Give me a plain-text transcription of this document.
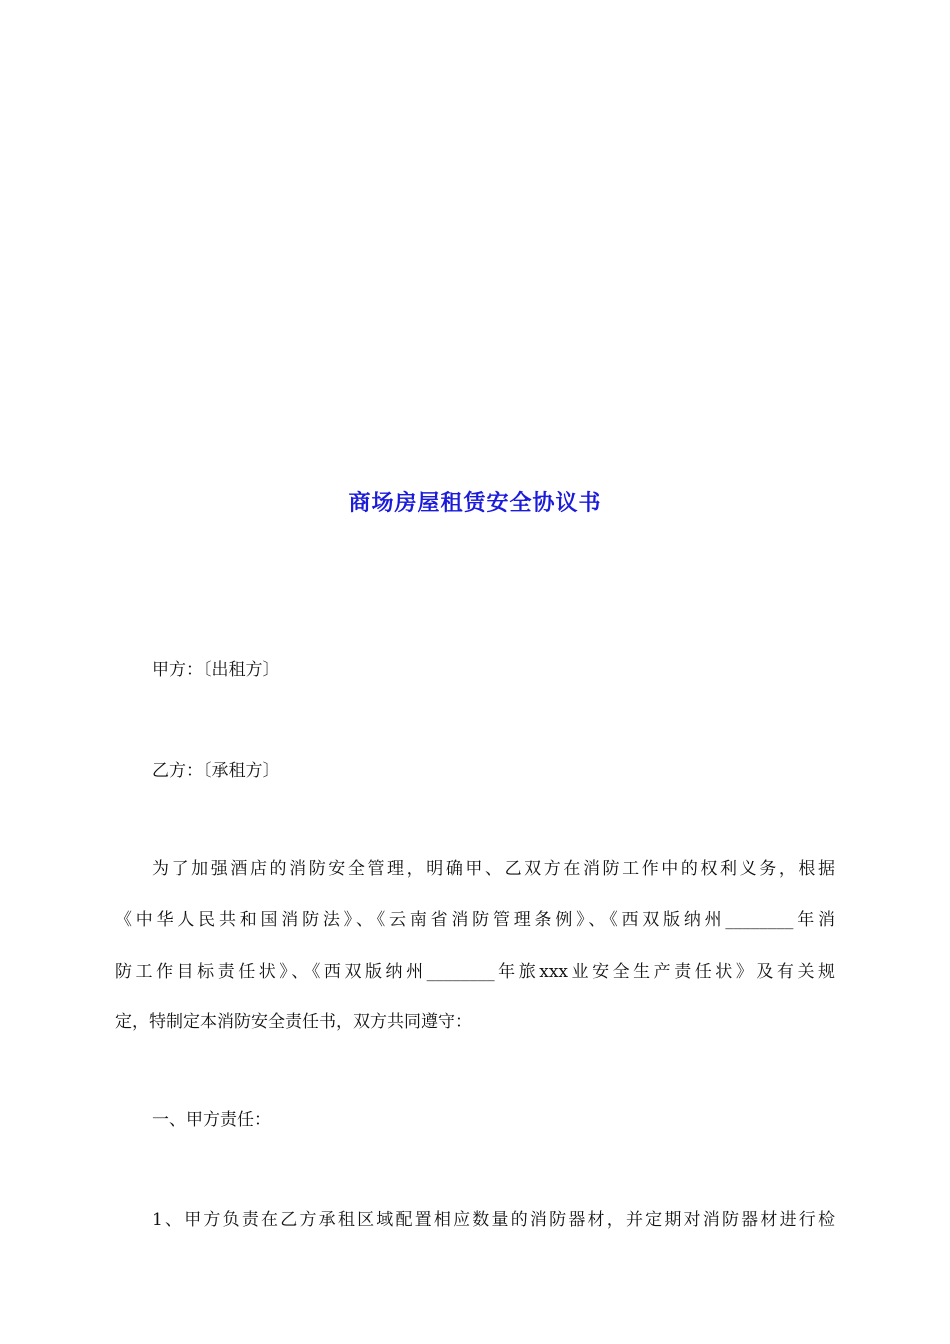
商场房屋租赁安全协议书
甲方：〔出租方〕
乙方：〔承租方〕
为了加强酒店的消防安全管理，明确甲、乙双方在消防工作中的权利义务，根据
《中华人民共和国消防法》、《云南省消防管理条例》、《西双版纳州________年消
防工作目标责任状》、《西双版纳州________年旅xxx业安全生产责任状》及有关规
定，特制定本消防安全责任书，双方共同遵守：
一、甲方责任：
1、甲方负责在乙方承租区域配置相应数量的消防器材，并定期对消防器材进行检
